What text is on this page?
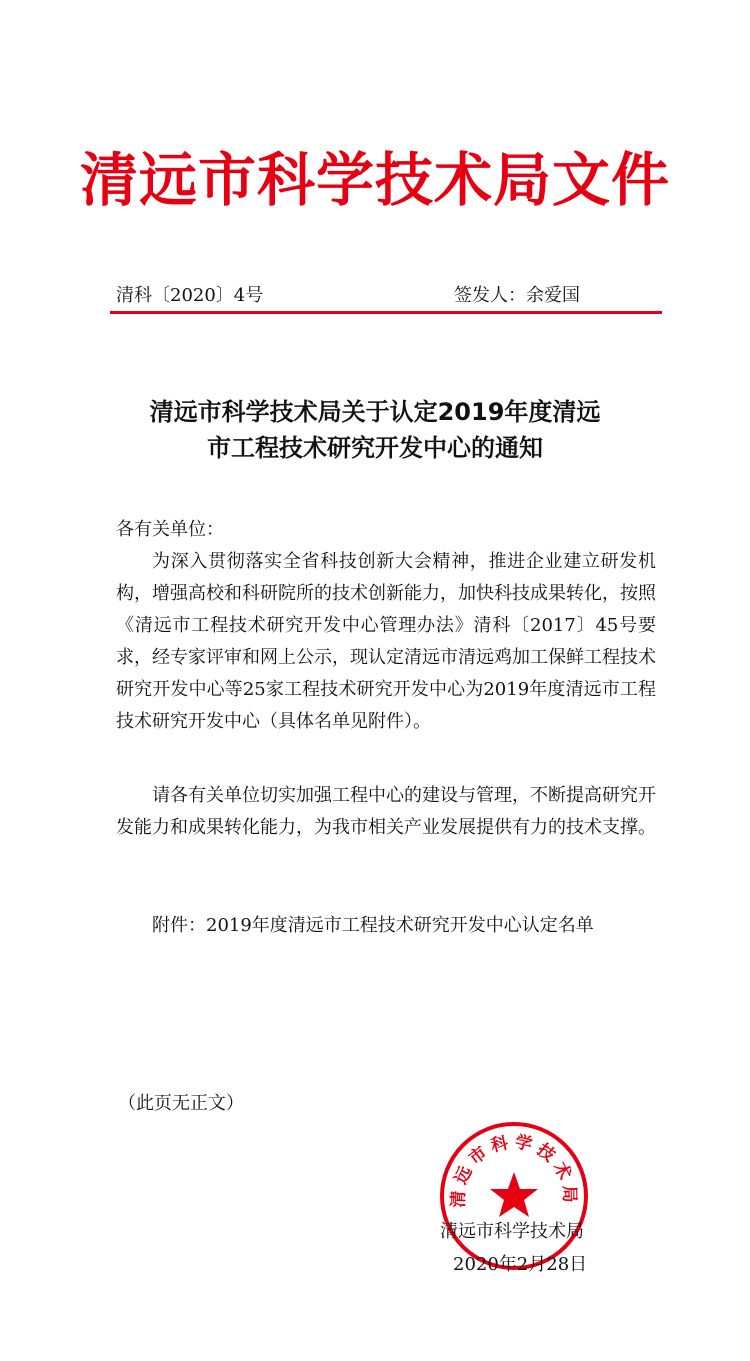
清远市科学技术局文件
清科〔2020〕4号	签发人：余爱国
清远市科学技术局关于认定2019年度清远
市工程技术研究开发中心的通知
各有关单位：
为深入贯彻落实全省科技创新大会精神，推进企业建立研发机构，增强高校和科研院所的技术创新能力，加快科技成果转化，按照《清远市工程技术研究开发中心管理办法》清科〔2017〕45号要求，经专家评审和网上公示，现认定清远市清远鸡加工保鲜工程技术研究开发中心等25家工程技术研究开发中心为2019年度清远市工程技术研究开发中心（具体名单见附件）。
请各有关单位切实加强工程中心的建设与管理，不断提高研究开发能力和成果转化能力，为我市相关产业发展提供有力的技术支撑。
附件：2019年度清远市工程技术研究开发中心认定名单
（此页无正文）
清远市科学技术局
清远市科学技术局
2020年2月28日
